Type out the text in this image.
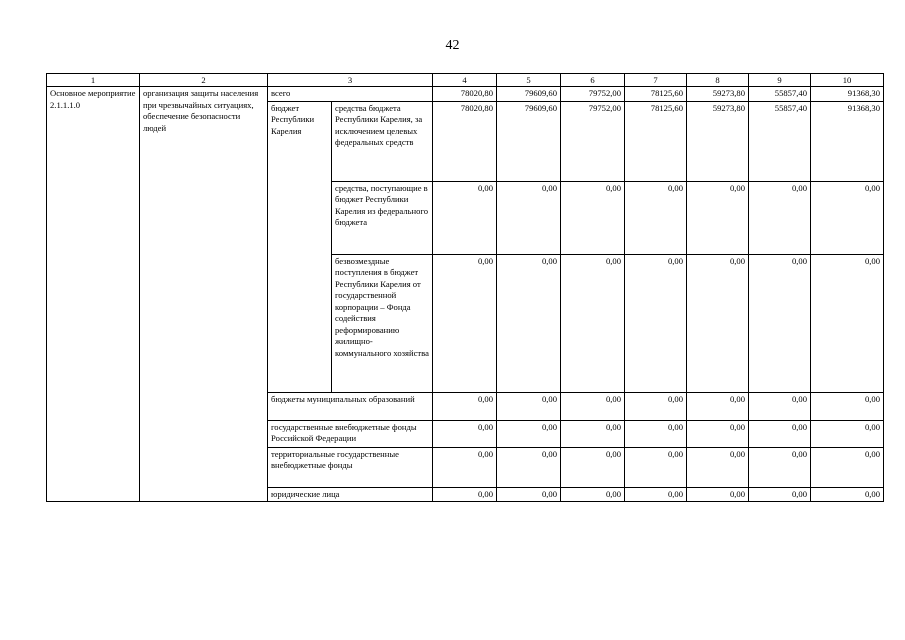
42
1	2	3		4	5	6	7	8	9	10
Основное мероприятие 2.1.1.1.0	организация защиты населения при чрезвычайных ситуациях, обеспечение безопасности людей	всего		78020,80	79609,60	79752,00	78125,60	59273,80	55857,40	91368,30
		бюджет Республики Карелия	средства бюджета Республики Карелия, за исключением целевых федеральных средств	78020,80	79609,60	79752,00	78125,60	59273,80	55857,40	91368,30
			средства, поступающие в бюджет Республики Карелия из федерального бюджета	0,00	0,00	0,00	0,00	0,00	0,00	0,00
			безвозмездные поступления в бюджет Республики Карелия от государственной корпорации – Фонда содействия реформированию жилищно-коммунального хозяйства	0,00	0,00	0,00	0,00	0,00	0,00	0,00
		бюджеты муниципальных образований		0,00	0,00	0,00	0,00	0,00	0,00	0,00
		государственные внебюджетные фонды Российской Федерации		0,00	0,00	0,00	0,00	0,00	0,00	0,00
		территориальные государственные внебюджетные фонды		0,00	0,00	0,00	0,00	0,00	0,00	0,00
		юридические лица		0,00	0,00	0,00	0,00	0,00	0,00	0,00
